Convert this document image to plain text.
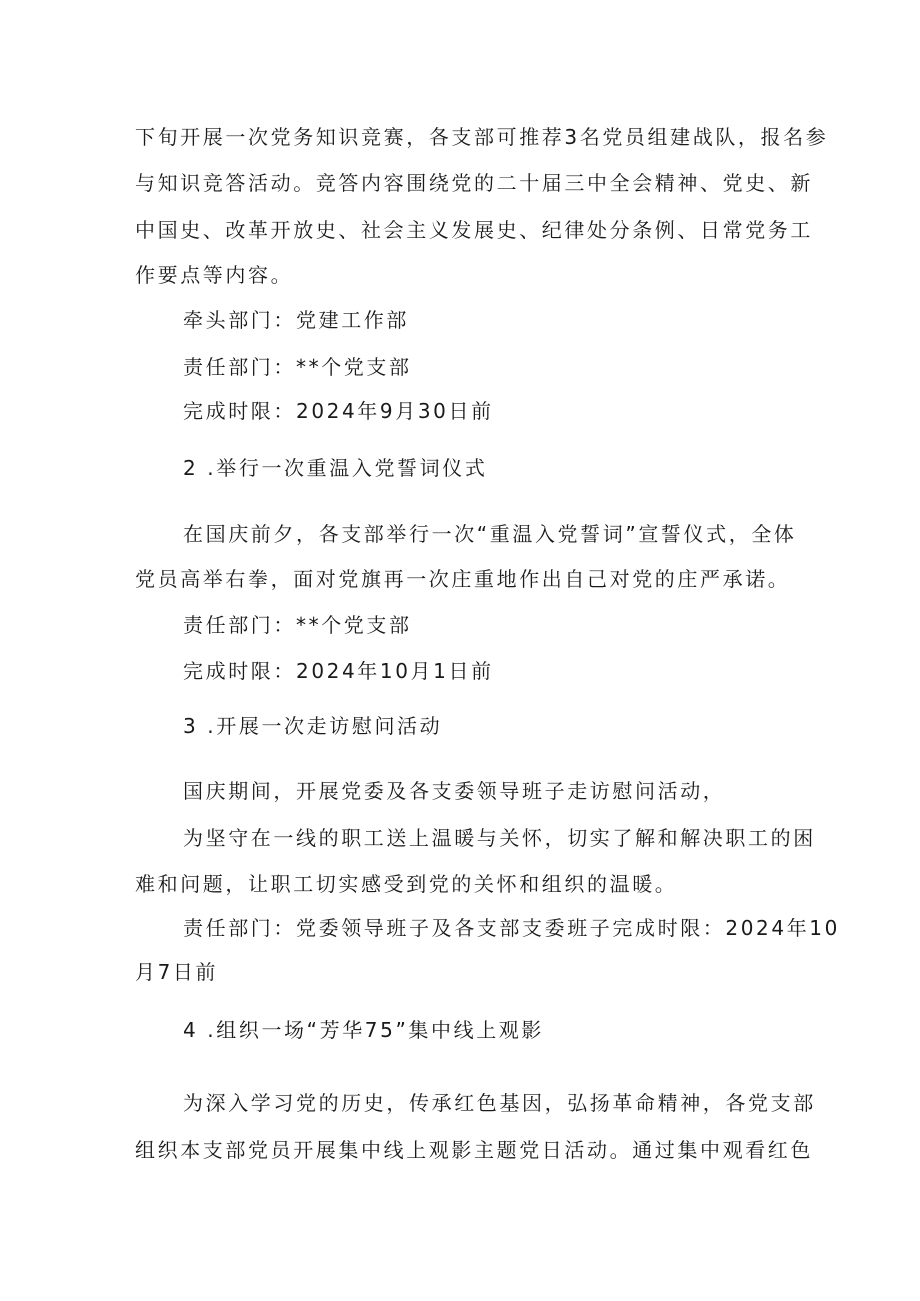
下旬开展一次党务知识竞赛，各支部可推荐3名党员组建战队，报名参
与知识竞答活动。竞答内容围绕党的二十届三中全会精神、党史、新
中国史、改革开放史、社会主义发展史、纪律处分条例、日常党务工
作要点等内容。
牵头部门：党建工作部
责任部门：**个党支部
完成时限：2024年9月30日前
2 .举行一次重温入党誓词仪式
在国庆前夕，各支部举行一次“重温入党誓词”宣誓仪式，全体
党员高举右拳，面对党旗再一次庄重地作出自己对党的庄严承诺。
责任部门：**个党支部
完成时限：2024年10月1日前
3 .开展一次走访慰问活动
国庆期间，开展党委及各支委领导班子走访慰问活动，
为坚守在一线的职工送上温暖与关怀，切实了解和解决职工的困
难和问题，让职工切实感受到党的关怀和组织的温暖。
责任部门：党委领导班子及各支部支委班子完成时限：2024年10
月7日前
4 .组织一场“芳华75”集中线上观影
为深入学习党的历史，传承红色基因，弘扬革命精神，各党支部
组织本支部党员开展集中线上观影主题党日活动。通过集中观看红色
